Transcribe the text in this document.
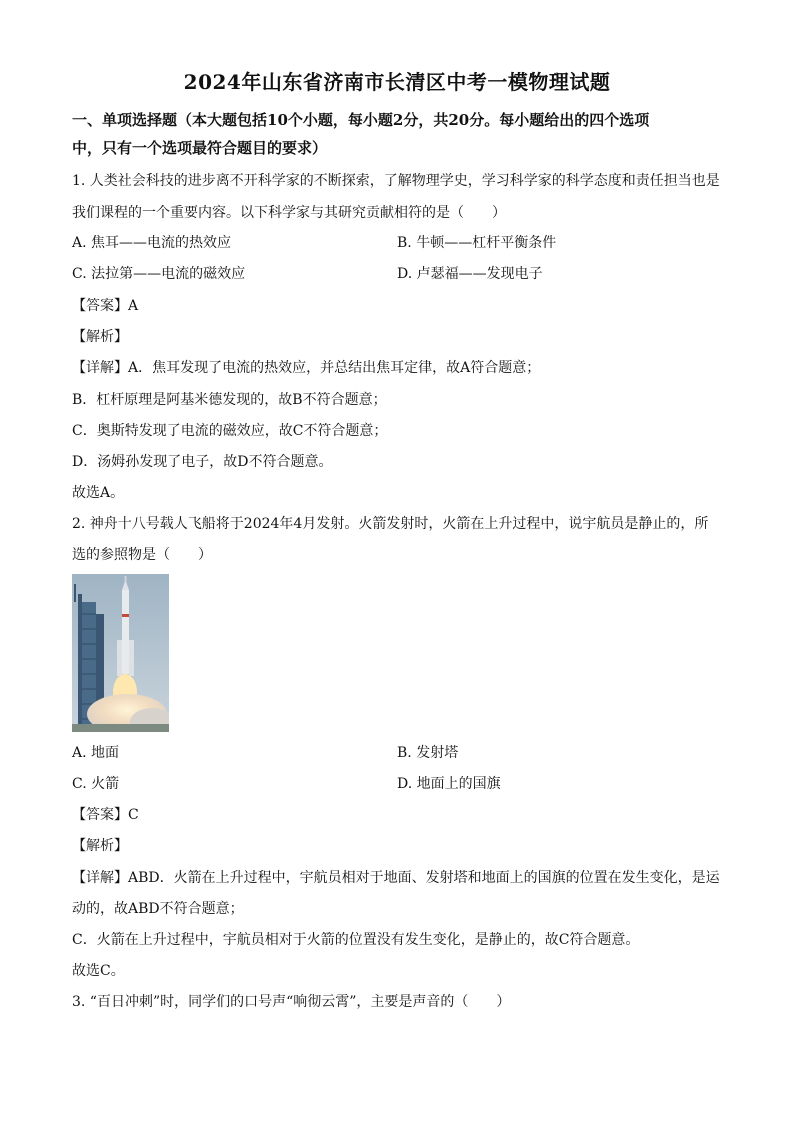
2024年山东省济南市长清区中考一模物理试题
一、单项选择题（本大题包括10个小题，每小题2分，共20分。每小题给出的四个选项
中，只有一个选项最符合题目的要求）
1. 人类社会科技的进步离不开科学家的不断探索，了解物理学史，学习科学家的科学态度和责任担当也是
我们课程的一个重要内容。以下科学家与其研究贡献相符的是（　　）
A. 焦耳——电流的热效应	B. 牛顿——杠杆平衡条件
C. 法拉第——电流的磁效应	D. 卢瑟福——发现电子
【答案】A
【解析】
【详解】A．焦耳发现了电流的热效应，并总结出焦耳定律，故A符合题意；
B．杠杆原理是阿基米德发现的，故B不符合题意；
C．奥斯特发现了电流的磁效应，故C不符合题意；
D．汤姆孙发现了电子，故D不符合题意。
故选A。
2. 神舟十八号载人飞船将于2024年4月发射。火箭发射时，火箭在上升过程中，说宇航员是静止的，所
选的参照物是（　　）
A. 地面	B. 发射塔
C. 火箭	D. 地面上的国旗
【答案】C
【解析】
【详解】ABD．火箭在上升过程中，宇航员相对于地面、发射塔和地面上的国旗的位置在发生变化，是运
动的，故ABD不符合题意；
C．火箭在上升过程中，宇航员相对于火箭的位置没有发生变化，是静止的，故C符合题意。
故选C。
3. “百日冲刺”时，同学们的口号声“响彻云霄”，主要是声音的（　　）
